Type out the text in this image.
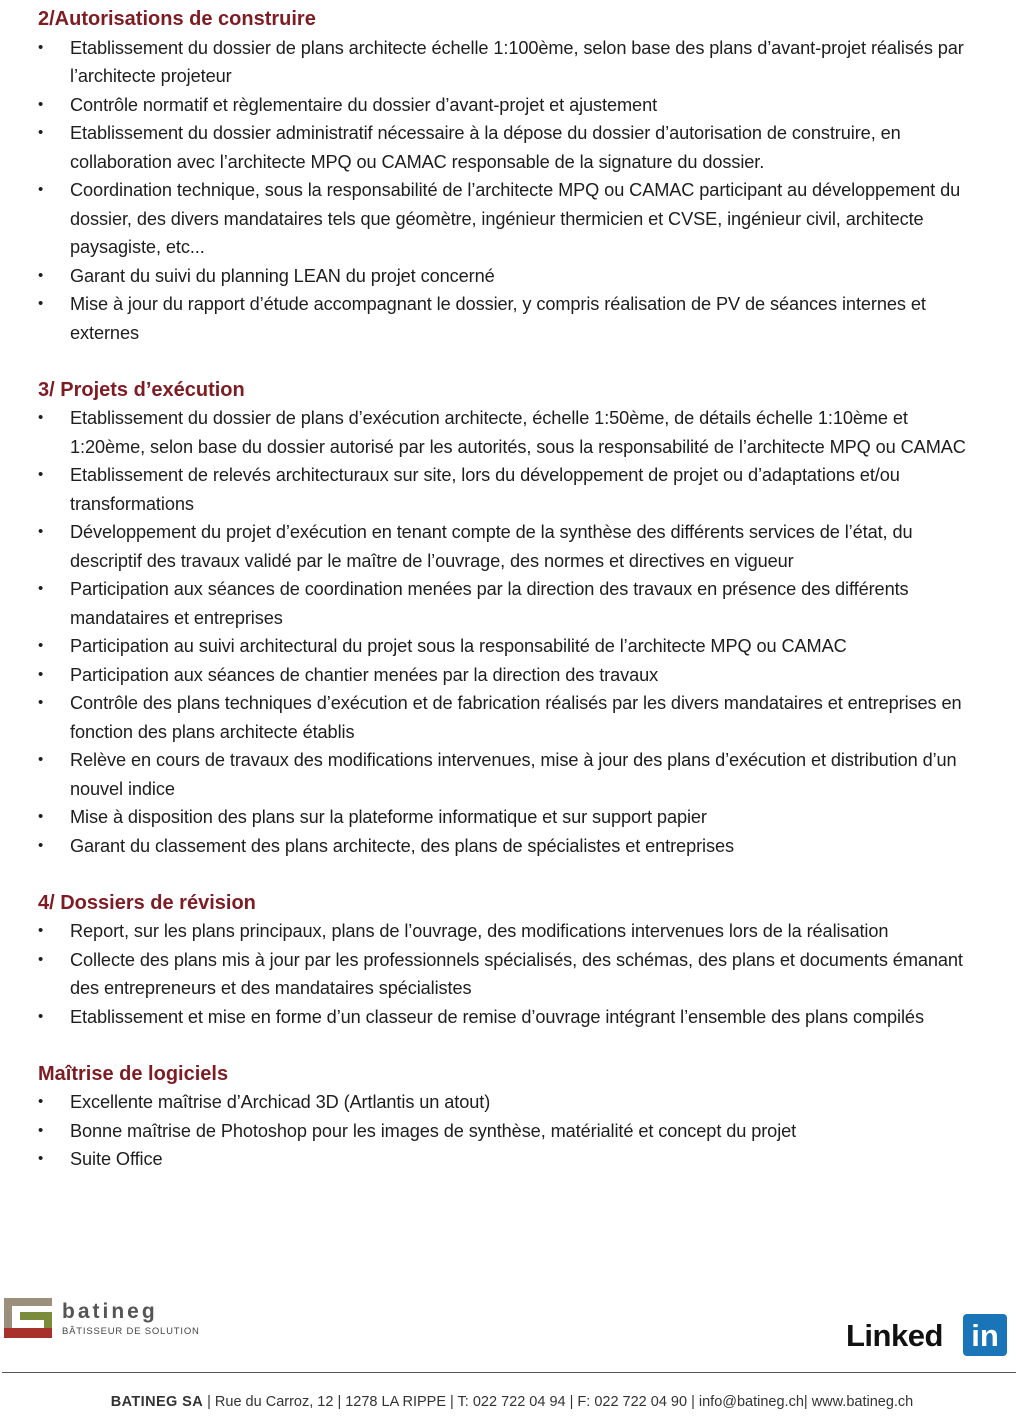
2/Autorisations de construire
• Etablissement du dossier de plans architecte échelle 1:100ème, selon base des plans d’avant-projet réalisés par l’architecte projeteur
• Contrôle normatif et règlementaire du dossier d’avant-projet et ajustement
• Etablissement du dossier administratif nécessaire à la dépose du dossier d’autorisation de construire, en collaboration avec l’architecte MPQ ou CAMAC responsable de la signature du dossier.
• Coordination technique, sous la responsabilité de l’architecte MPQ ou CAMAC participant au développement du dossier, des divers mandataires tels que géomètre, ingénieur thermicien et CVSE, ingénieur civil, architecte paysagiste, etc...
• Garant du suivi du planning LEAN du projet concerné
• Mise à jour du rapport d’étude accompagnant le dossier, y compris réalisation de PV de séances internes et externes
3/ Projets d’exécution
• Etablissement du dossier de plans d’exécution architecte, échelle 1:50ème, de détails échelle 1:10ème et 1:20ème, selon base du dossier autorisé par les autorités, sous la responsabilité de l’architecte MPQ ou CAMAC
• Etablissement de relevés architecturaux sur site, lors du développement de projet ou d’adaptations et/ou transformations
• Développement du projet d’exécution en tenant compte de la synthèse des différents services de l’état, du descriptif des travaux validé par le maître de l’ouvrage, des normes et directives en vigueur
• Participation aux séances de coordination menées par la direction des travaux en présence des différents mandataires et entreprises
• Participation au suivi architectural du projet sous la responsabilité de l’architecte MPQ ou CAMAC
• Participation aux séances de chantier menées par la direction des travaux
• Contrôle des plans techniques d’exécution et de fabrication réalisés par les divers mandataires et entreprises en fonction des plans architecte établis
• Relève en cours de travaux des modifications intervenues, mise à jour des plans d’exécution et distribution d’un nouvel indice
• Mise à disposition des plans sur la plateforme informatique et sur support papier
• Garant du classement des plans architecte, des plans de spécialistes et entreprises
4/ Dossiers de révision
• Report, sur les plans principaux, plans de l’ouvrage, des modifications intervenues lors de la réalisation
• Collecte des plans mis à jour par les professionnels spécialisés, des schémas, des plans et documents émanant des entrepreneurs et des mandataires spécialistes
• Etablissement et mise en forme d’un classeur de remise d’ouvrage intégrant l’ensemble des plans compilés
Maîtrise de logiciels
• Excellente maîtrise d’Archicad 3D (Artlantis un atout)
• Bonne maîtrise de Photoshop pour les images de synthèse, matérialité et concept du projet
• Suite Office
batineg
BÂTISSEUR DE SOLUTION	Linked in
BATINEG SA | Rue du Carroz, 12 | 1278 LA RIPPE | T: 022 722 04 94 | F: 022 722 04 90 | info@batineg.ch| www.batineg.ch
